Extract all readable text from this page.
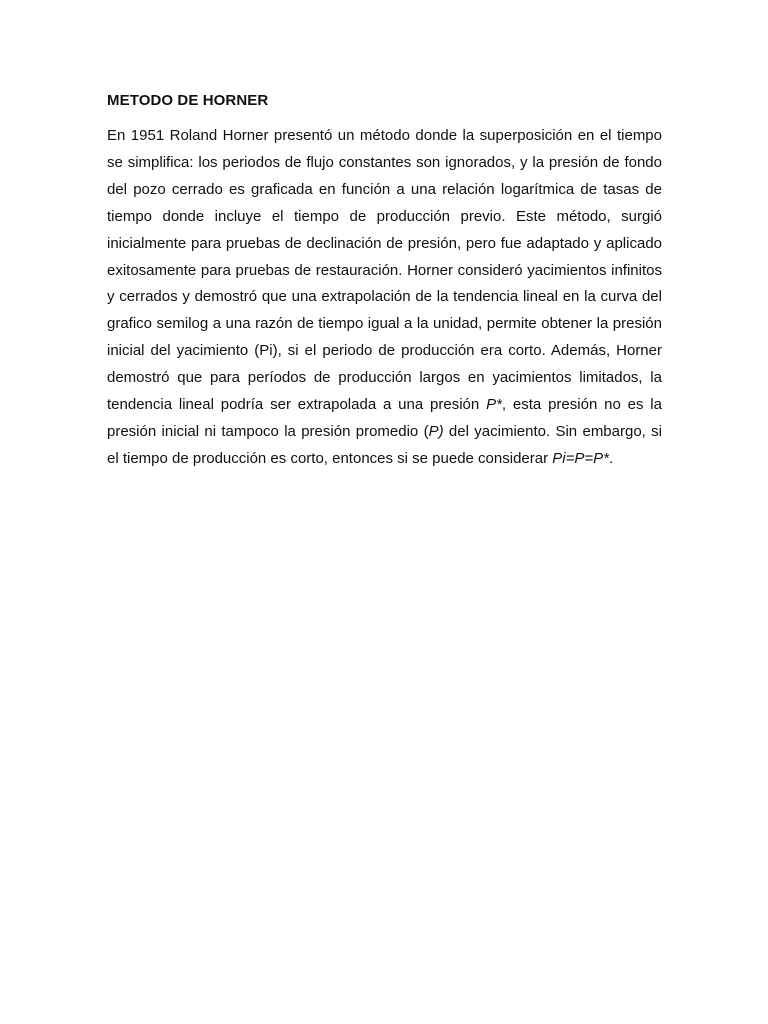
METODO DE HORNER

En 1951 Roland Horner presentó un método donde la superposición en el tiempo se simplifica: los periodos de flujo constantes son ignorados, y la presión de fondo del pozo cerrado es graficada en función a una relación logarítmica de tasas de tiempo donde incluye el tiempo de producción previo. Este método, surgió inicialmente para pruebas de declinación de presión, pero fue adaptado y aplicado exitosamente para pruebas de restauración. Horner consideró yacimientos infinitos y cerrados y demostró que una extrapolación de la tendencia lineal en la curva del grafico semilog a una razón de tiempo igual a la unidad, permite obtener la presión inicial del yacimiento (Pi), si el periodo de producción era corto. Además, Horner demostró que para períodos de producción largos en yacimientos limitados, la tendencia lineal podría ser extrapolada a una presión P*, esta presión no es la presión inicial ni tampoco la presión promedio (P) del yacimiento. Sin embargo, si el tiempo de producción es corto, entonces si se puede considerar Pi=P=P*.
